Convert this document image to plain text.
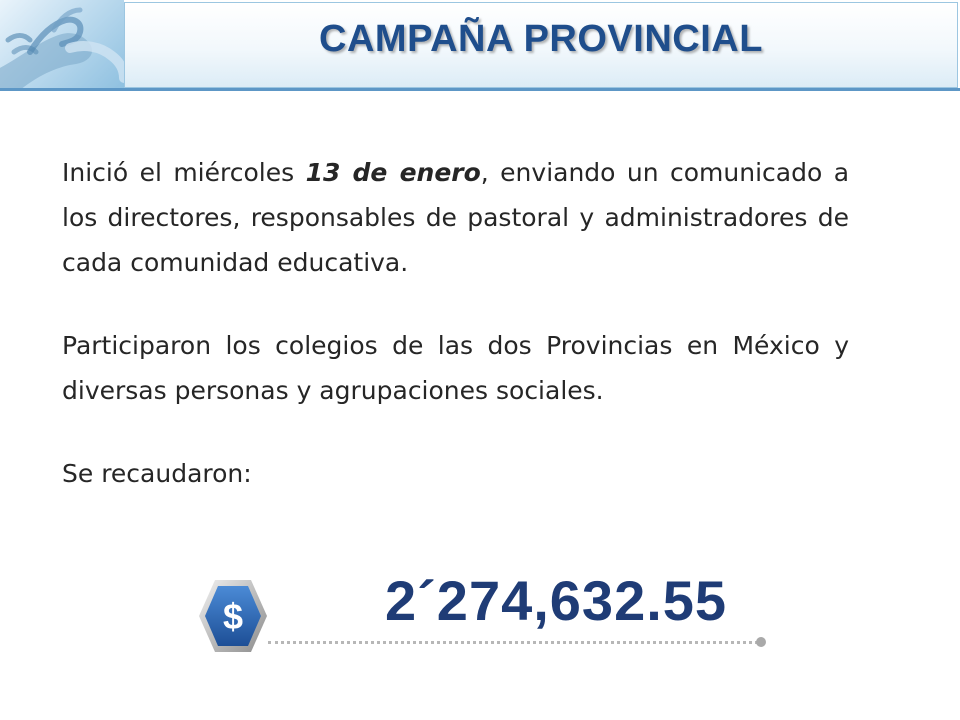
CAMPAÑA PROVINCIAL

Inició el miércoles 13 de enero, enviando un comunicado a los directores, responsables de pastoral y administradores de cada comunidad educativa.

Participaron los colegios de las dos Provincias en México y diversas personas y agrupaciones sociales.

Se recaudaron:

$	2´274,632.55
